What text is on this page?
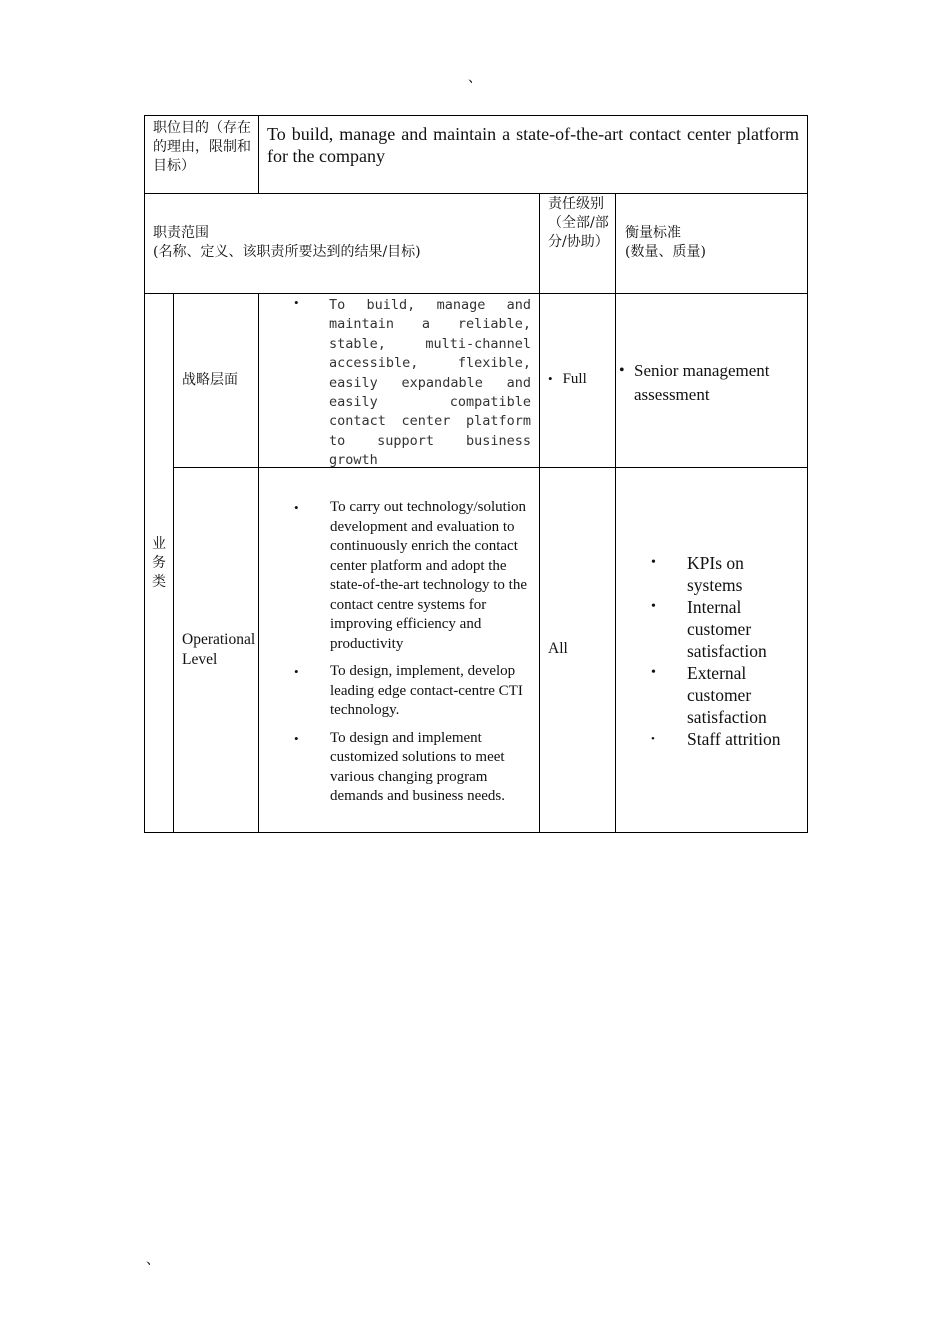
、
职位目的（存在的理由，限制和目标）
To build, manage and maintain a state-of-the-art contact center platform for the company
职责范围
(名称、定义、该职责所要达到的结果/目标)
责任级别（全部/部分/协助）
衡量标准
(数量、质量)
业
务
类
战略层面
• To build, manage and maintain a reliable, stable, multi-channel accessible, flexible, easily expandable and easily compatible contact center platform to support business growth
• Full • Senior management assessment
Operational Level
• To carry out technology/solution development and evaluation to continuously enrich the contact center platform and adopt the state-of-the-art technology to the contact centre systems for improving efficiency and productivity
• To design, implement, develop leading edge contact-centre CTI technology.
• To design and implement customized solutions to meet various changing program demands and business needs.
All
• KPIs on systems
• Internal customer satisfaction
• External customer satisfaction
• Staff attrition
、
